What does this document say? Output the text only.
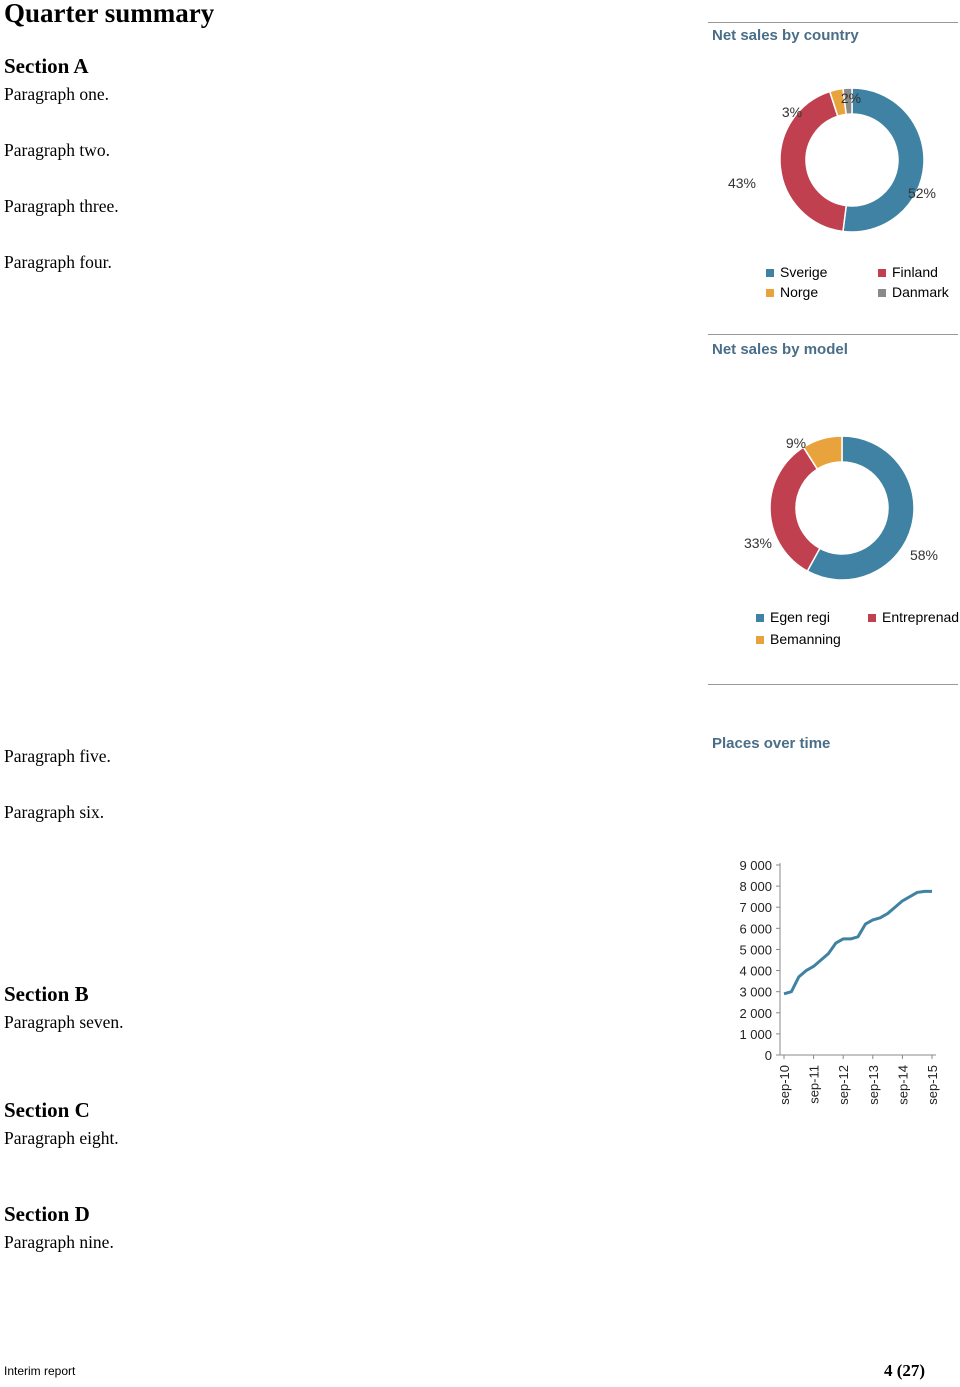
Quarter summary
Section A

Paragraph one.

Paragraph two.

Paragraph three.

Paragraph four.

Paragraph five.

Paragraph six.

Section B

Paragraph seven.

Section C

Paragraph eight.

Section D

Paragraph nine.

Net sales by country
52%
43%
3%
2%
Sverige	Finland
Norge	Danmark
Net sales by model
58%
33%
9%
Egen regi	Entreprenad
Bemanning
Places over time
0
1 000
2 000
3 000
4 000
5 000
6 000
7 000
8 000
9 000
sep-10 sep-11 sep-12 sep-13 sep-14 sep-15
Interim report	4 (27)
